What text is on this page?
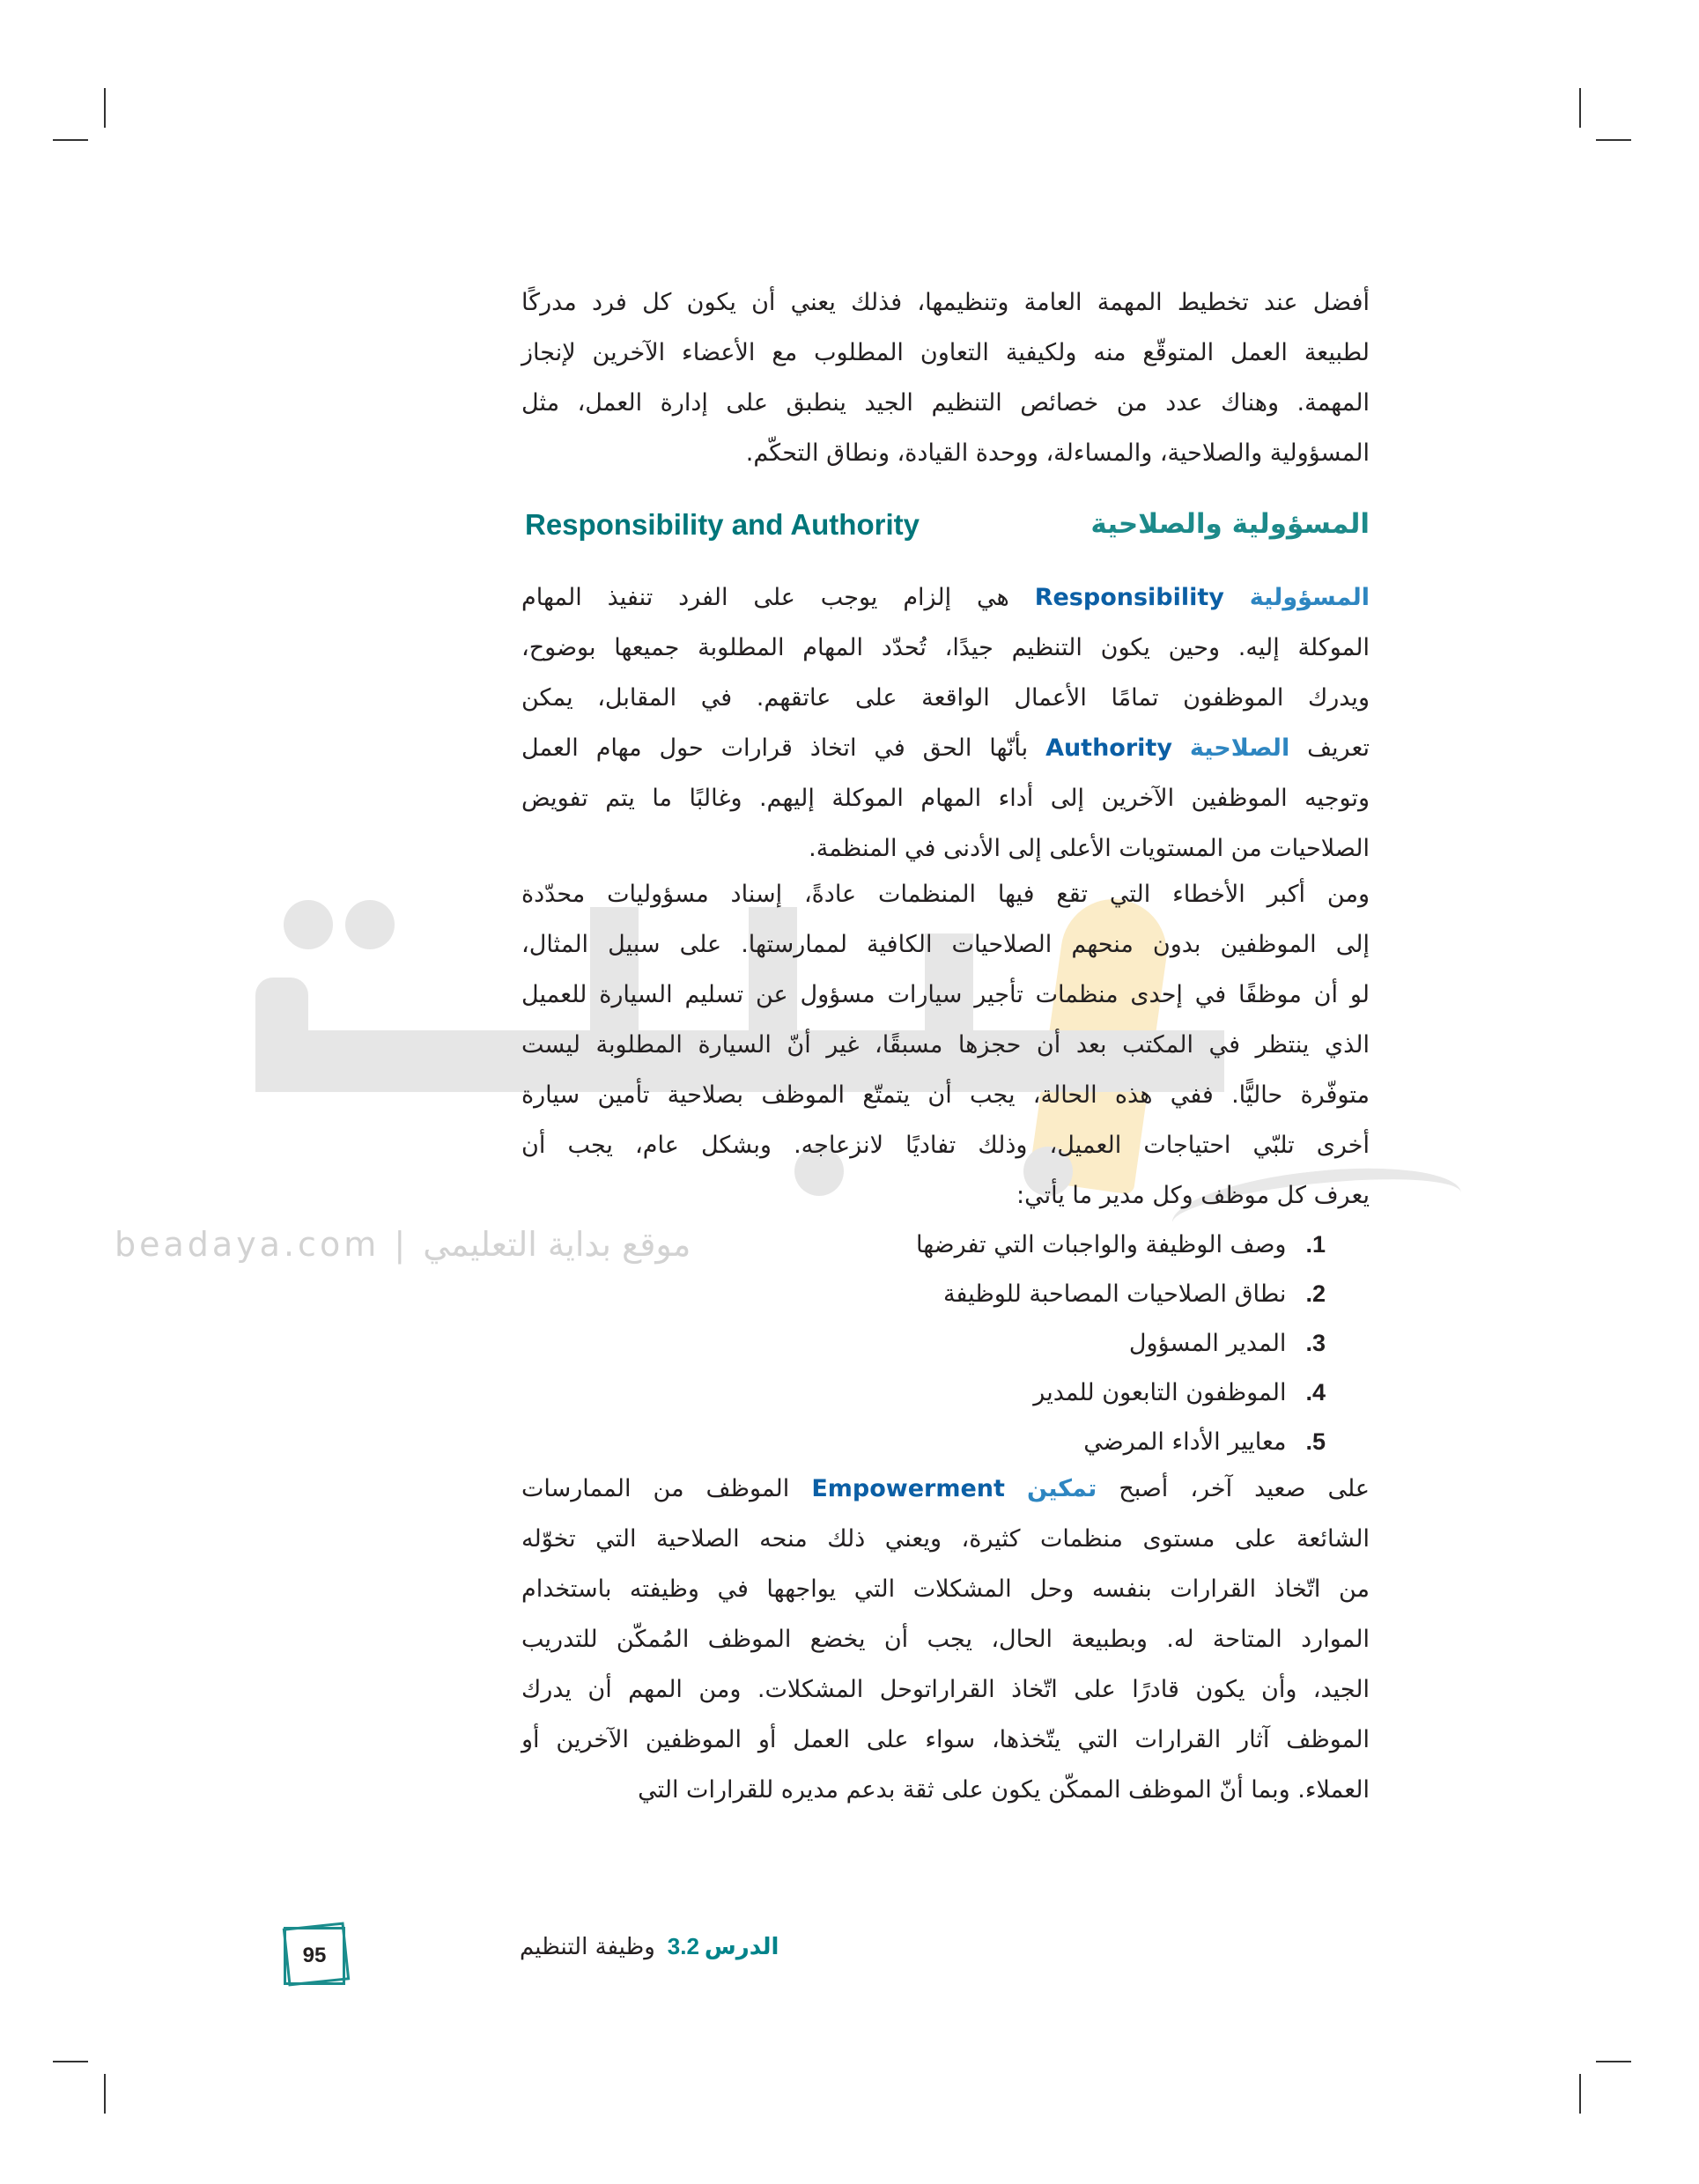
beadaya.com | موقع بداية التعليمي
أفضل عند تخطيط المهمة العامة وتنظيمها، فذلك يعني أن يكون كل فرد مدركًا
لطبيعة العمل المتوقّع منه ولكيفية التعاون المطلوب مع الأعضاء الآخرين لإنجاز
المهمة. وهناك عدد من خصائص التنظيم الجيد ينطبق على إدارة العمل، مثل
المسؤولية والصلاحية، والمساءلة، ووحدة القيادة، ونطاق التحكّم.
المسؤولية والصلاحية
Responsibility and Authority
المسؤولية Responsibility هي إلزام يوجب على الفرد تنفيذ المهام
الموكلة إليه. وحين يكون التنظيم جيدًا، تُحدّد المهام المطلوبة جميعها بوضوح،
ويدرك الموظفون تمامًا الأعمال الواقعة على عاتقهم. في المقابل، يمكن
تعريف الصلاحية Authority بأنّها الحق في اتخاذ قرارات حول مهام العمل
وتوجيه الموظفين الآخرين إلى أداء المهام الموكلة إليهم. وغالبًا ما يتم تفويض
الصلاحيات من المستويات الأعلى إلى الأدنى في المنظمة.
ومن أكبر الأخطاء التي تقع فيها المنظمات عادةً، إسناد مسؤوليات محدّدة
إلى الموظفين بدون منحهم الصلاحيات الكافية لممارستها. على سبيل المثال،
لو أن موظفًا في إحدى منظمات تأجير سيارات مسؤول عن تسليم السيارة للعميل
الذي ينتظر في المكتب بعد أن حجزها مسبقًا، غير أنّ السيارة المطلوبة ليست
متوفّرة حاليًّا. ففي هذه الحالة، يجب أن يتمتّع الموظف بصلاحية تأمين سيارة
أخرى تلبّي احتياجات العميل، وذلك تفاديًا لانزعاجه. وبشكل عام، يجب أن
يعرف كل موظف وكل مدير ما يأتي:
1.وصف الوظيفة والواجبات التي تفرضها
2.نطاق الصلاحيات المصاحبة للوظيفة
3.المدير المسؤول
4.الموظفون التابعون للمدير
5.معايير الأداء المرضي
على صعيد آخر، أصبح تمكين Empowerment الموظف من الممارسات
الشائعة على مستوى منظمات كثيرة، ويعني ذلك منحه الصلاحية التي تخوّله
من اتّخاذ القرارات بنفسه وحل المشكلات التي يواجهها في وظيفته باستخدام
الموارد المتاحة له. وبطبيعة الحال، يجب أن يخضع الموظف المُمكّن للتدريب
الجيد، وأن يكون قادرًا على اتّخاذ القراراتوحل المشكلات. ومن المهم أن يدرك
الموظف آثار القرارات التي يتّخذها، سواء على العمل أو الموظفين الآخرين أو
العملاء. وبما أنّ الموظف الممكّن يكون على ثقة بدعم مديره للقرارات التي
الدرس3.2وظيفة التنظيم
95
